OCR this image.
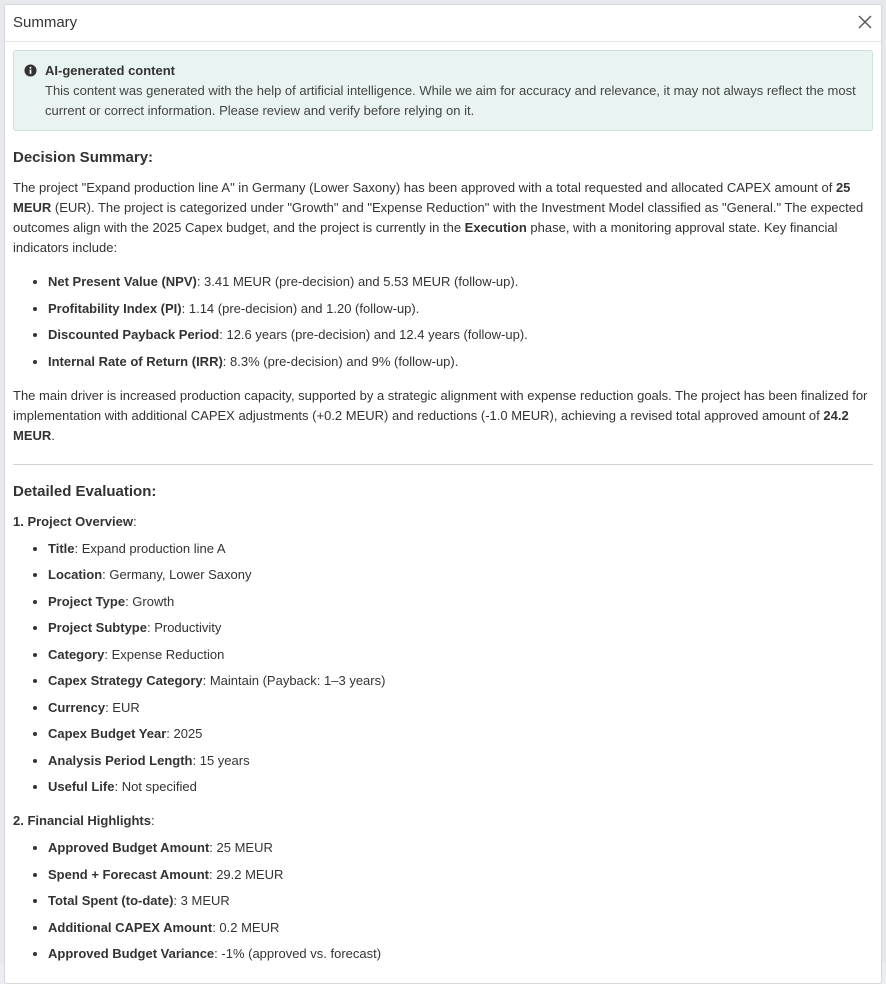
Summary
AI-generated content
This content was generated with the help of artificial intelligence. While we aim for accuracy and relevance, it may not always reflect the most current or correct information. Please review and verify before relying on it.
Decision Summary:

The project "Expand production line A" in Germany (Lower Saxony) has been approved with a total requested and allocated CAPEX amount of 25 MEUR (EUR). The project is categorized under "Growth" and "Expense Reduction" with the Investment Model classified as "General." The expected outcomes align with the 2025 Capex budget, and the project is currently in the Execution phase, with a monitoring approval state. Key financial indicators include:

• Net Present Value (NPV): 3.41 MEUR (pre-decision) and 5.53 MEUR (follow-up).
• Profitability Index (PI): 1.14 (pre-decision) and 1.20 (follow-up).
• Discounted Payback Period: 12.6 years (pre-decision) and 12.4 years (follow-up).
• Internal Rate of Return (IRR): 8.3% (pre-decision) and 9% (follow-up).

The main driver is increased production capacity, supported by a strategic alignment with expense reduction goals. The project has been finalized for implementation with additional CAPEX adjustments (+0.2 MEUR) and reductions (-1.0 MEUR), achieving a revised total approved amount of 24.2 MEUR.

Detailed Evaluation:
1. Project Overview:
• Title: Expand production line A
• Location: Germany, Lower Saxony
• Project Type: Growth
• Project Subtype: Productivity
• Category: Expense Reduction
• Capex Strategy Category: Maintain (Payback: 1–3 years)
• Currency: EUR
• Capex Budget Year: 2025
• Analysis Period Length: 15 years
• Useful Life: Not specified
2. Financial Highlights:
• Approved Budget Amount: 25 MEUR
• Spend + Forecast Amount: 29.2 MEUR
• Total Spent (to-date): 3 MEUR
• Additional CAPEX Amount: 0.2 MEUR
• Approved Budget Variance: -1% (approved vs. forecast)
